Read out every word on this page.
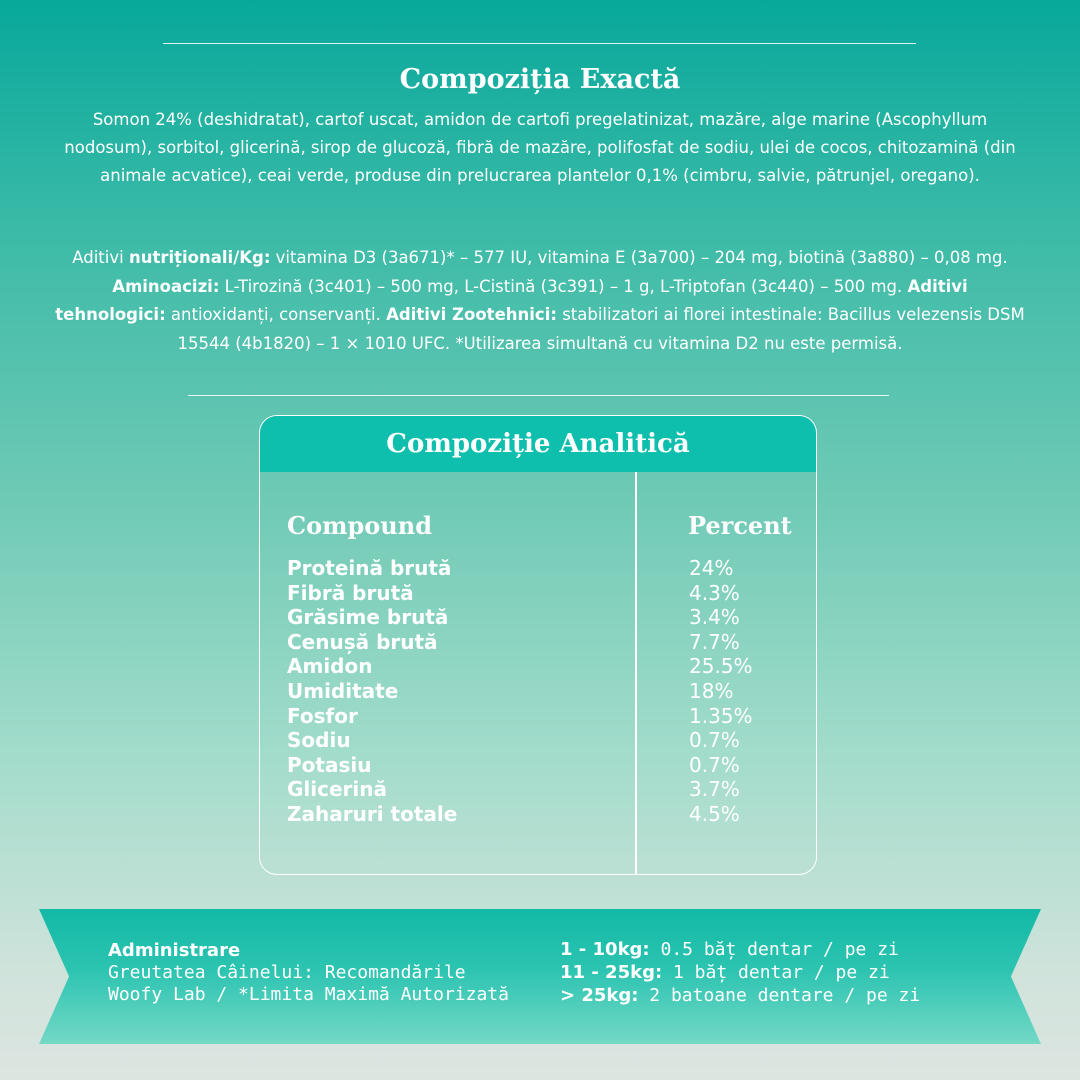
Compoziția Exactă

Somon 24% (deshidratat), cartof uscat, amidon de cartofi pregelatinizat, mazăre, alge marine (Ascophyllum nodosum), sorbitol, glicerină, sirop de glucoză, fibră de mazăre, polifosfat de sodiu, ulei de cocos, chitozamină (din animale acvatice), ceai verde, produse din prelucrarea plantelor 0,1% (cimbru, salvie, pătrunjel, oregano).

Aditivi nutriționali/Kg: vitamina D3 (3a671)* – 577 IU, vitamina E (3a700) – 204 mg, biotină (3a880) – 0,08 mg. Aminoacizi: L-Tirozină (3c401) – 500 mg, L-Cistină (3c391) – 1 g, L-Triptofan (3c440) – 500 mg. Aditivi tehnologici: antioxidanți, conservanți. Aditivi Zootehnici: stabilizatori ai florei intestinale: Bacillus velezensis DSM 15544 (4b1820) – 1 × 1010 UFC. *Utilizarea simultană cu vitamina D2 nu este permisă.

Compoziție Analitică
Compound	Percent
Proteină brută
Fibră brută
Grăsime brută
Cenușă brută
Amidon
Umiditate
Fosfor
Sodiu
Potasiu
Glicerină
Zaharuri totale
24%
4.3%
3.4%
7.7%
25.5%
18%
1.35%
0.7%
0.7%
3.7%
4.5%
Administrare
Greutatea Câinelui: Recomandările
Woofy Lab / *Limita Maximă Autorizată
1 - 10kg: 0.5 băț dentar / pe zi
11 - 25kg: 1 băț dentar / pe zi
> 25kg: 2 batoane dentare / pe zi
